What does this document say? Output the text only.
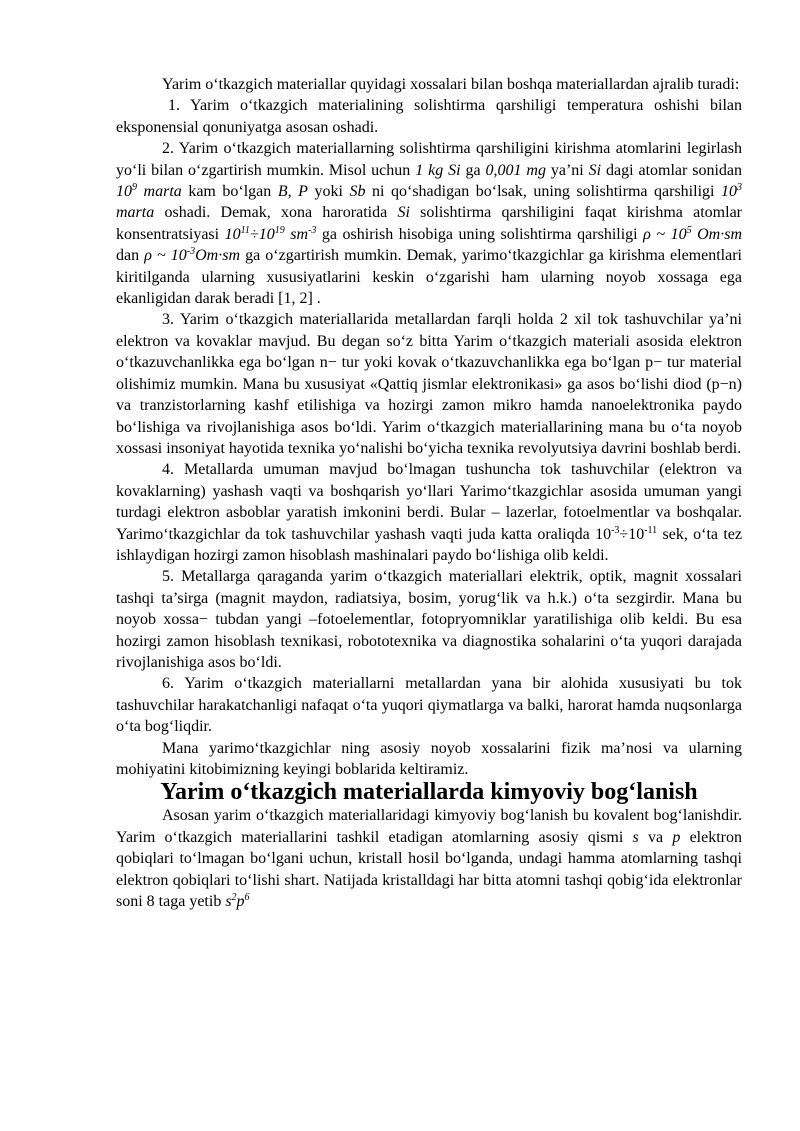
Yarim o‘tkazgich materiallar quyidagi xossalari bilan boshqa materiallardan ajralib turadi:

1. Yarim o‘tkazgich materialining solishtirma qarshiligi temperatura oshishi bilan eksponensial qonuniyatga asosan oshadi.

2. Yarim o‘tkazgich materiallarning solishtirma qarshiligini kirishma atomlarini legirlash yo‘li bilan o‘zgartirish mumkin. Misol uchun 1 kg Si ga 0,001 mg ya’ni Si dagi atomlar sonidan $10^9$ marta kam bo‘lgan B, P yoki Sb ni qo‘shadigan bo‘lsak, uning solishtirma qarshiligi $10^3$ marta oshadi. Demak, xona haroratida Si solishtirma qarshiligini faqat kirishma atomlar konsentratsiyasi $10^{11}\div 10^{19}$ $sm^{-3}$ ga oshirish hisobiga uning solishtirma qarshiligi ρ ~ $10^5$ Om·sm dan ρ ~ $10^{-3}Om\cdot sm$ ga o‘zgartirish mumkin. Demak, yarimo‘tkazgichlar ga kirishma elementlari kiritilganda ularning xususiyatlarini keskin o‘zgarishi ham ularning noyob xossaga ega ekanligidan darak beradi [1, 2] .

3. Yarim o‘tkazgich materiallarida metallardan farqli holda 2 xil tok tashuvchilar ya’ni elektron va kovaklar mavjud. Bu degan so‘z bitta Yarim o‘tkazgich materiali asosida elektron o‘tkazuvchanlikka ega bo‘lgan n− tur yoki kovak o‘tkazuvchanlikka ega bo‘lgan p− tur material olishimiz mumkin. Mana bu xususiyat «Qattiq jismlar elektronikasi» ga asos bo‘lishi diod (p−n) va tranzistorlarning kashf etilishiga va hozirgi zamon mikro hamda nanoelektronika paydo bo‘lishiga va rivojlanishiga asos bo‘ldi. Yarim o‘tkazgich materiallarining mana bu o‘ta noyob xossasi insoniyat hayotida texnika yo‘nalishi bo‘yicha texnika revolyutsiya davrini boshlab berdi.

4. Metallarda umuman mavjud bo‘lmagan tushuncha tok tashuvchilar (elektron va kovaklarning) yashash vaqti va boshqarish yo‘llari Yarimo‘tkazgichlar asosida umuman yangi turdagi elektron asboblar yaratish imkonini berdi. Bular – lazerlar, fotoelmentlar va boshqalar. Yarimo‘tkazgichlar da tok tashuvchilar yashash vaqti juda katta oraliqda $10^{-3}\div 10^{-11}$ sek, o‘ta tez ishlaydigan hozirgi zamon hisoblash mashinalari paydo bo‘lishiga olib keldi.

5. Metallarga qaraganda yarim o‘tkazgich materiallari elektrik, optik, magnit xossalari tashqi ta’sirga (magnit maydon, radiatsiya, bosim, yorug‘lik va h.k.) o‘ta sezgirdir. Mana bu noyob xossa− tubdan yangi –fotoelementlar, fotopryomniklar yaratilishiga olib keldi. Bu esa hozirgi zamon hisoblash texnikasi, robototexnika va diagnostika sohalarini o‘ta yuqori darajada rivojlanishiga asos bo‘ldi.

6. Yarim o‘tkazgich materiallarni metallardan yana bir alohida xususiyati bu tok tashuvchilar harakatchanligi nafaqat o‘ta yuqori qiymatlarga va balki, harorat hamda nuqsonlarga o‘ta bog‘liqdir.

Mana yarimo‘tkazgichlar ning asosiy noyob xossalarini fizik ma’nosi va ularning mohiyatini kitobimizning keyingi boblarida keltiramiz.

Yarim o‘tkazgich materiallarda kimyoviy bog‘lanish

Asosan yarim o‘tkazgich materiallaridagi kimyoviy bog‘lanish bu kovalent bog‘lanishdir. Yarim o‘tkazgich materiallarini tashkil etadigan atomlarning asosiy qismi s va p elektron qobiqlari to‘lmagan bo‘lgani uchun, kristall hosil bo‘lganda, undagi hamma atomlarning tashqi elektron qobiqlari to‘lishi shart. Natijada kristalldagi har bitta atomni tashqi qobig‘ida elektronlar soni 8 taga yetib $s^2p^6$
